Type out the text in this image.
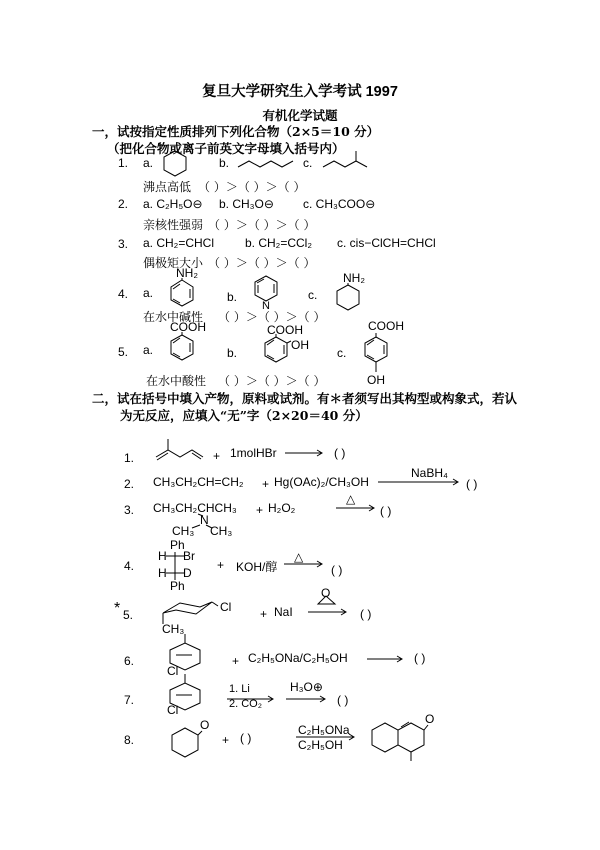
复旦大学研究生入学考试 1997
有机化学试题
一，试按指定性质排列下列化合物（2×5＝10 分）
（把化合物或离子前英文字母填入括号内）
1. a.	b.	c.
沸点高低 （ ）＞（ ）＞（ ）
2. a. C₂H₅O⊖ b. CH₃O⊖ c. CH₃COO⊖
亲核性强弱 （ ）＞（ ）＞（ ）
3. a. CH₂=CHCl	b. CH₂=CCl₂ c. cis−ClCH=CHCl
偶极矩大小 （ ）＞（ ）＞（ ）
4. a.	b.	c.
NH₂
N
NH₂
在水中碱性 （ ）＞（ ）＞（ ）
5. a.	b.	c.
COOH	COOH
OH
COOH
OH
在水中酸性 （ ）＞（ ）＞（ ）
二，试在括号中填入产物，原料或试剂。有＊者须写出其构型或构象式，若认
为无反应，应填入“无”字（2×20＝40 分）
1.	+ 1molHBr	( )
2. CH₃CH₂CH=CH₂ + Hg(OAc)₂/CH₃OH
NaBH₄
( )
3. CH₃CH₂CHCH₃
N
CH₃ CH₃
+ H₂O₂
△
( )
4.
Ph
H Br
H D
Ph
+ KOH/醇
△
( )
* 5.
Cl
CH₃
+ NaI	( )
6.
Cl
+ C₂H₅ONa/C₂H₅OH	( )
7.
Cl
1. Li
2. CO₂
H₃O⊕
( )
8.
O
+ ( )
C₂H₅ONa
C₂H₅OH
O
O
